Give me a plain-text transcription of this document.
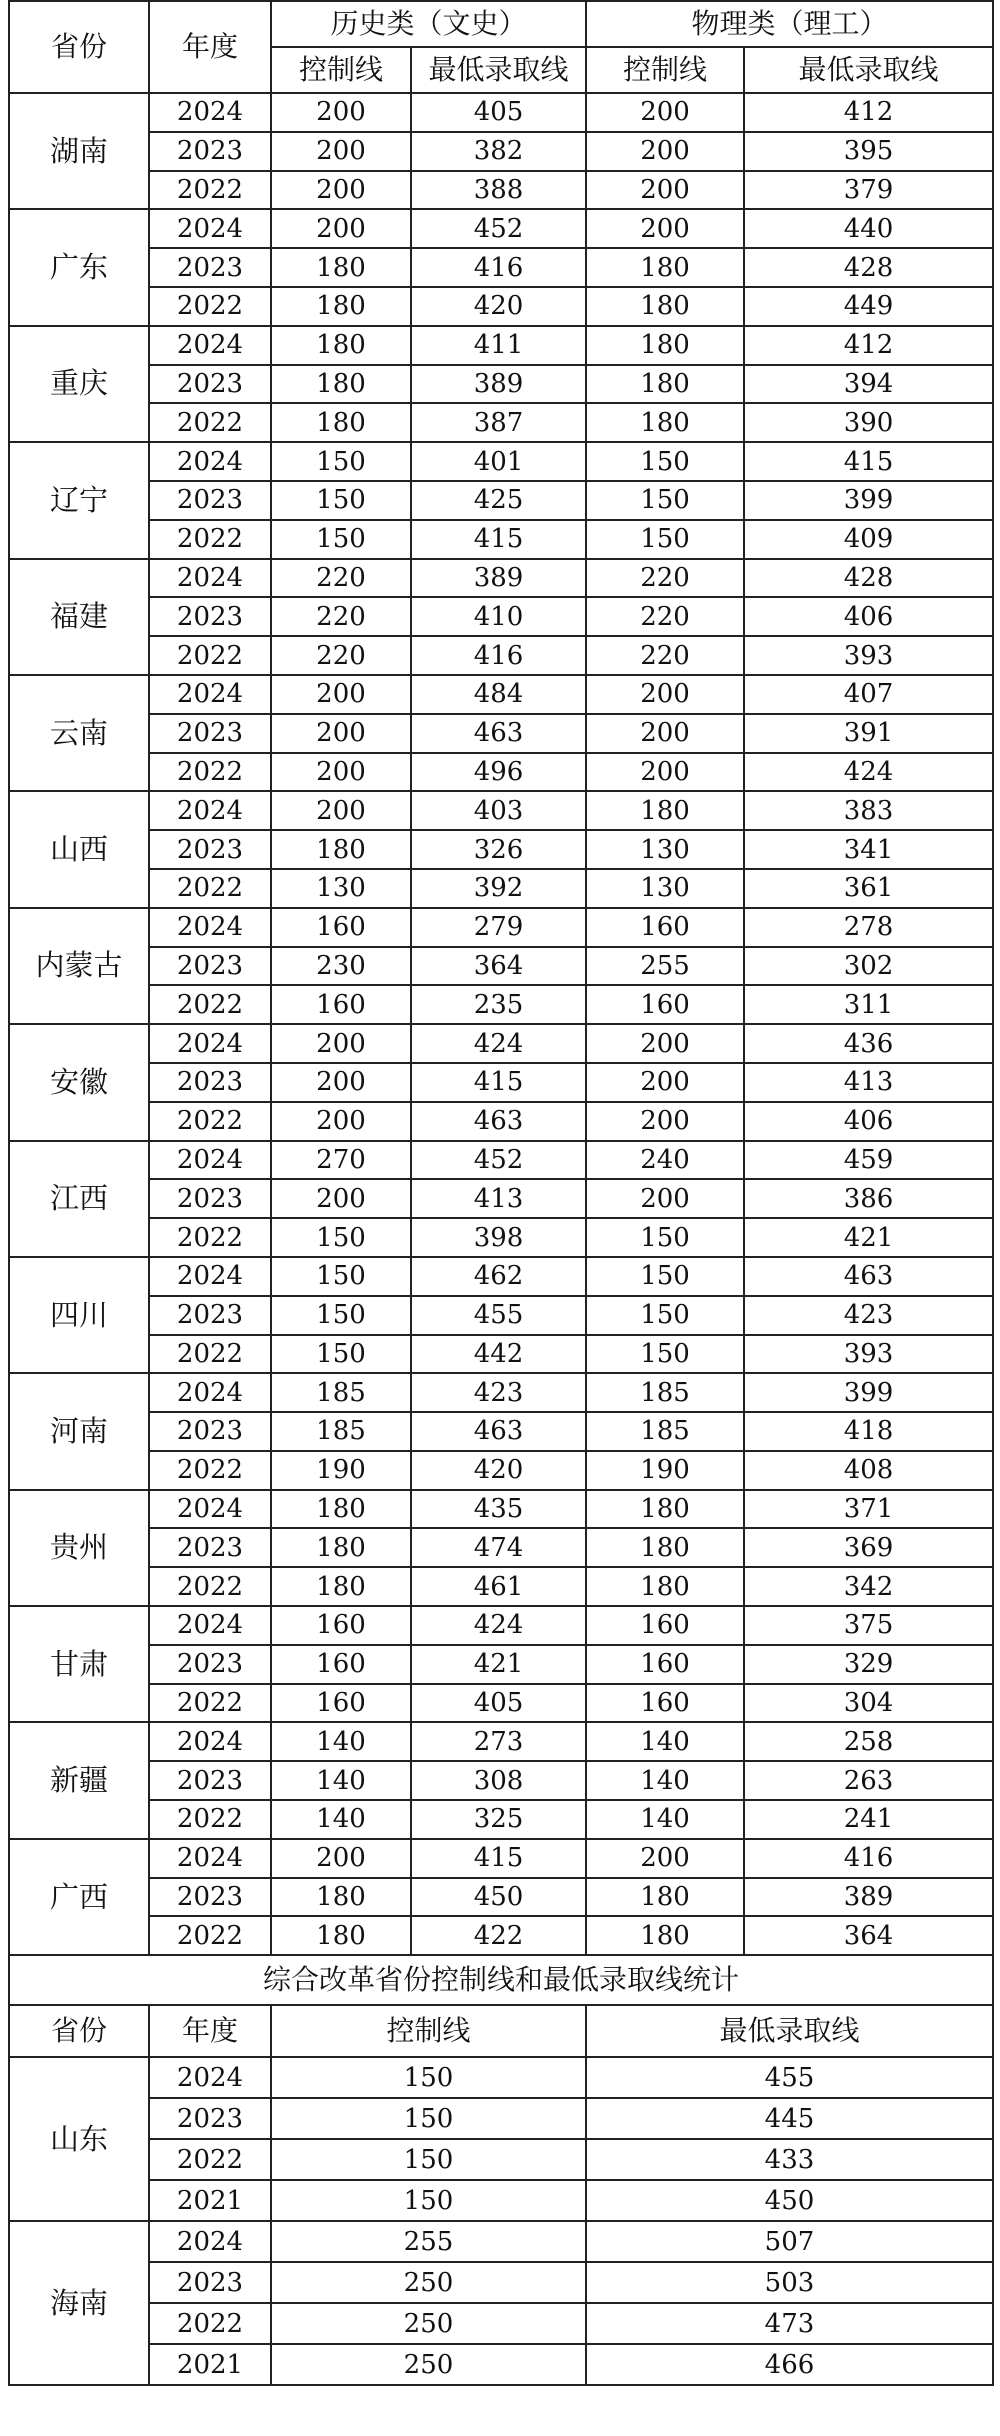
省份	年度	历史类（文史）		物理类（理工）	
		控制线	最低录取线	控制线	最低录取线
湖南	2024	200	405	200	412
	2023	200	382	200	395
	2022	200	388	200	379
广东	2024	200	452	200	440
	2023	180	416	180	428
	2022	180	420	180	449
重庆	2024	180	411	180	412
	2023	180	389	180	394
	2022	180	387	180	390
辽宁	2024	150	401	150	415
	2023	150	425	150	399
	2022	150	415	150	409
福建	2024	220	389	220	428
	2023	220	410	220	406
	2022	220	416	220	393
云南	2024	200	484	200	407
	2023	200	463	200	391
	2022	200	496	200	424
山西	2024	200	403	180	383
	2023	180	326	130	341
	2022	130	392	130	361
内蒙古	2024	160	279	160	278
	2023	230	364	255	302
	2022	160	235	160	311
安徽	2024	200	424	200	436
	2023	200	415	200	413
	2022	200	463	200	406
江西	2024	270	452	240	459
	2023	200	413	200	386
	2022	150	398	150	421
四川	2024	150	462	150	463
	2023	150	455	150	423
	2022	150	442	150	393
河南	2024	185	423	185	399
	2023	185	463	185	418
	2022	190	420	190	408
贵州	2024	180	435	180	371
	2023	180	474	180	369
	2022	180	461	180	342
甘肃	2024	160	424	160	375
	2023	160	421	160	329
	2022	160	405	160	304
新疆	2024	140	273	140	258
	2023	140	308	140	263
	2022	140	325	140	241
广西	2024	200	415	200	416
	2023	180	450	180	389
	2022	180	422	180	364
综合改革省份控制线和最低录取线统计					
省份	年度	控制线	最低录取线
山东	2024	150	455
	2023	150	445
	2022	150	433
	2021	150	450
海南	2024	255	507
	2023	250	503
	2022	250	473
	2021	250	466
